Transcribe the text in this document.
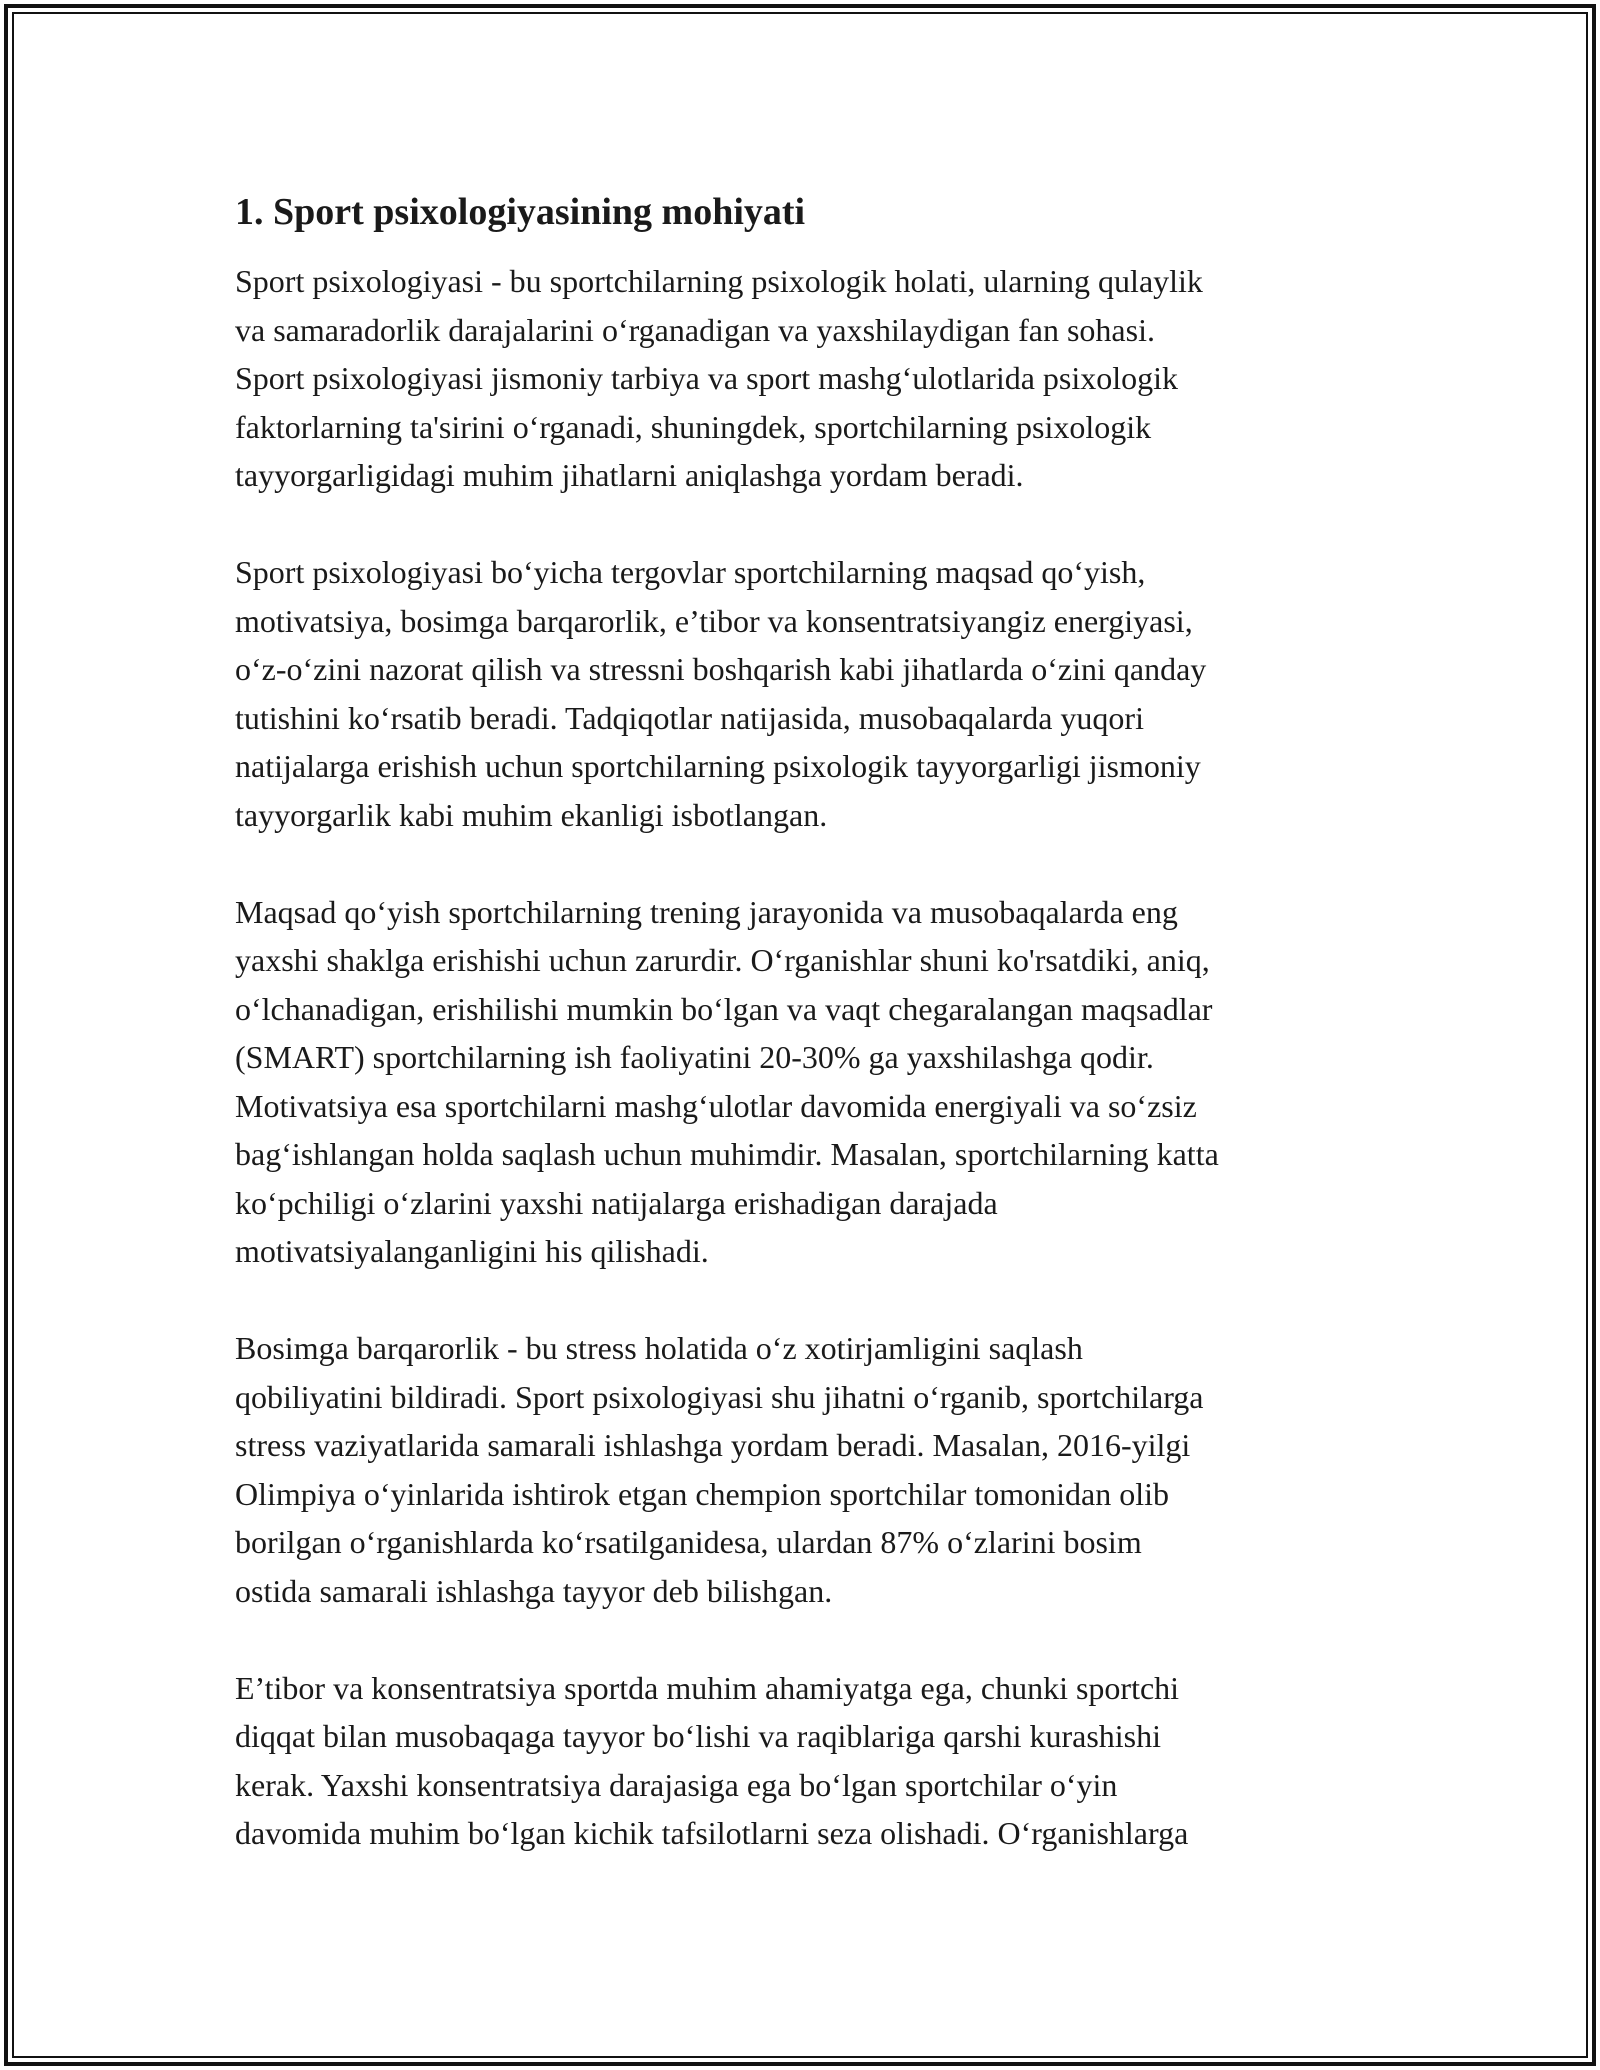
1. Sport psixologiyasining mohiyati
Sport psixologiyasi - bu sportchilarning psixologik holati, ularning qulaylik
va samaradorlik darajalarini o‘rganadigan va yaxshilaydigan fan sohasi.
Sport psixologiyasi jismoniy tarbiya va sport mashg‘ulotlarida psixologik
faktorlarning ta'sirini o‘rganadi, shuningdek, sportchilarning psixologik
tayyorgarligidagi muhim jihatlarni aniqlashga yordam beradi.
Sport psixologiyasi bo‘yicha tergovlar sportchilarning maqsad qo‘yish,
motivatsiya, bosimga barqarorlik, e’tibor va konsentratsiyangiz energiyasi,
o‘z-o‘zini nazorat qilish va stressni boshqarish kabi jihatlarda o‘zini qanday
tutishini ko‘rsatib beradi. Tadqiqotlar natijasida, musobaqalarda yuqori
natijalarga erishish uchun sportchilarning psixologik tayyorgarligi jismoniy
tayyorgarlik kabi muhim ekanligi isbotlangan.
Maqsad qo‘yish sportchilarning trening jarayonida va musobaqalarda eng
yaxshi shaklga erishishi uchun zarurdir. O‘rganishlar shuni ko'rsatdiki, aniq,
o‘lchanadigan, erishilishi mumkin bo‘lgan va vaqt chegaralangan maqsadlar
(SMART) sportchilarning ish faoliyatini 20-30% ga yaxshilashga qodir.
Motivatsiya esa sportchilarni mashg‘ulotlar davomida energiyali va so‘zsiz
bag‘ishlangan holda saqlash uchun muhimdir. Masalan, sportchilarning katta
ko‘pchiligi o‘zlarini yaxshi natijalarga erishadigan darajada
motivatsiyalanganligini his qilishadi.
Bosimga barqarorlik - bu stress holatida o‘z xotirjamligini saqlash
qobiliyatini bildiradi. Sport psixologiyasi shu jihatni o‘rganib, sportchilarga
stress vaziyatlarida samarali ishlashga yordam beradi. Masalan, 2016-yilgi
Olimpiya o‘yinlarida ishtirok etgan chempion sportchilar tomonidan olib
borilgan o‘rganishlarda ko‘rsatilganidesa, ulardan 87% o‘zlarini bosim
ostida samarali ishlashga tayyor deb bilishgan.
E’tibor va konsentratsiya sportda muhim ahamiyatga ega, chunki sportchi
diqqat bilan musobaqaga tayyor bo‘lishi va raqiblariga qarshi kurashishi
kerak. Yaxshi konsentratsiya darajasiga ega bo‘lgan sportchilar o‘yin
davomida muhim bo‘lgan kichik tafsilotlarni seza olishadi. O‘rganishlarga
